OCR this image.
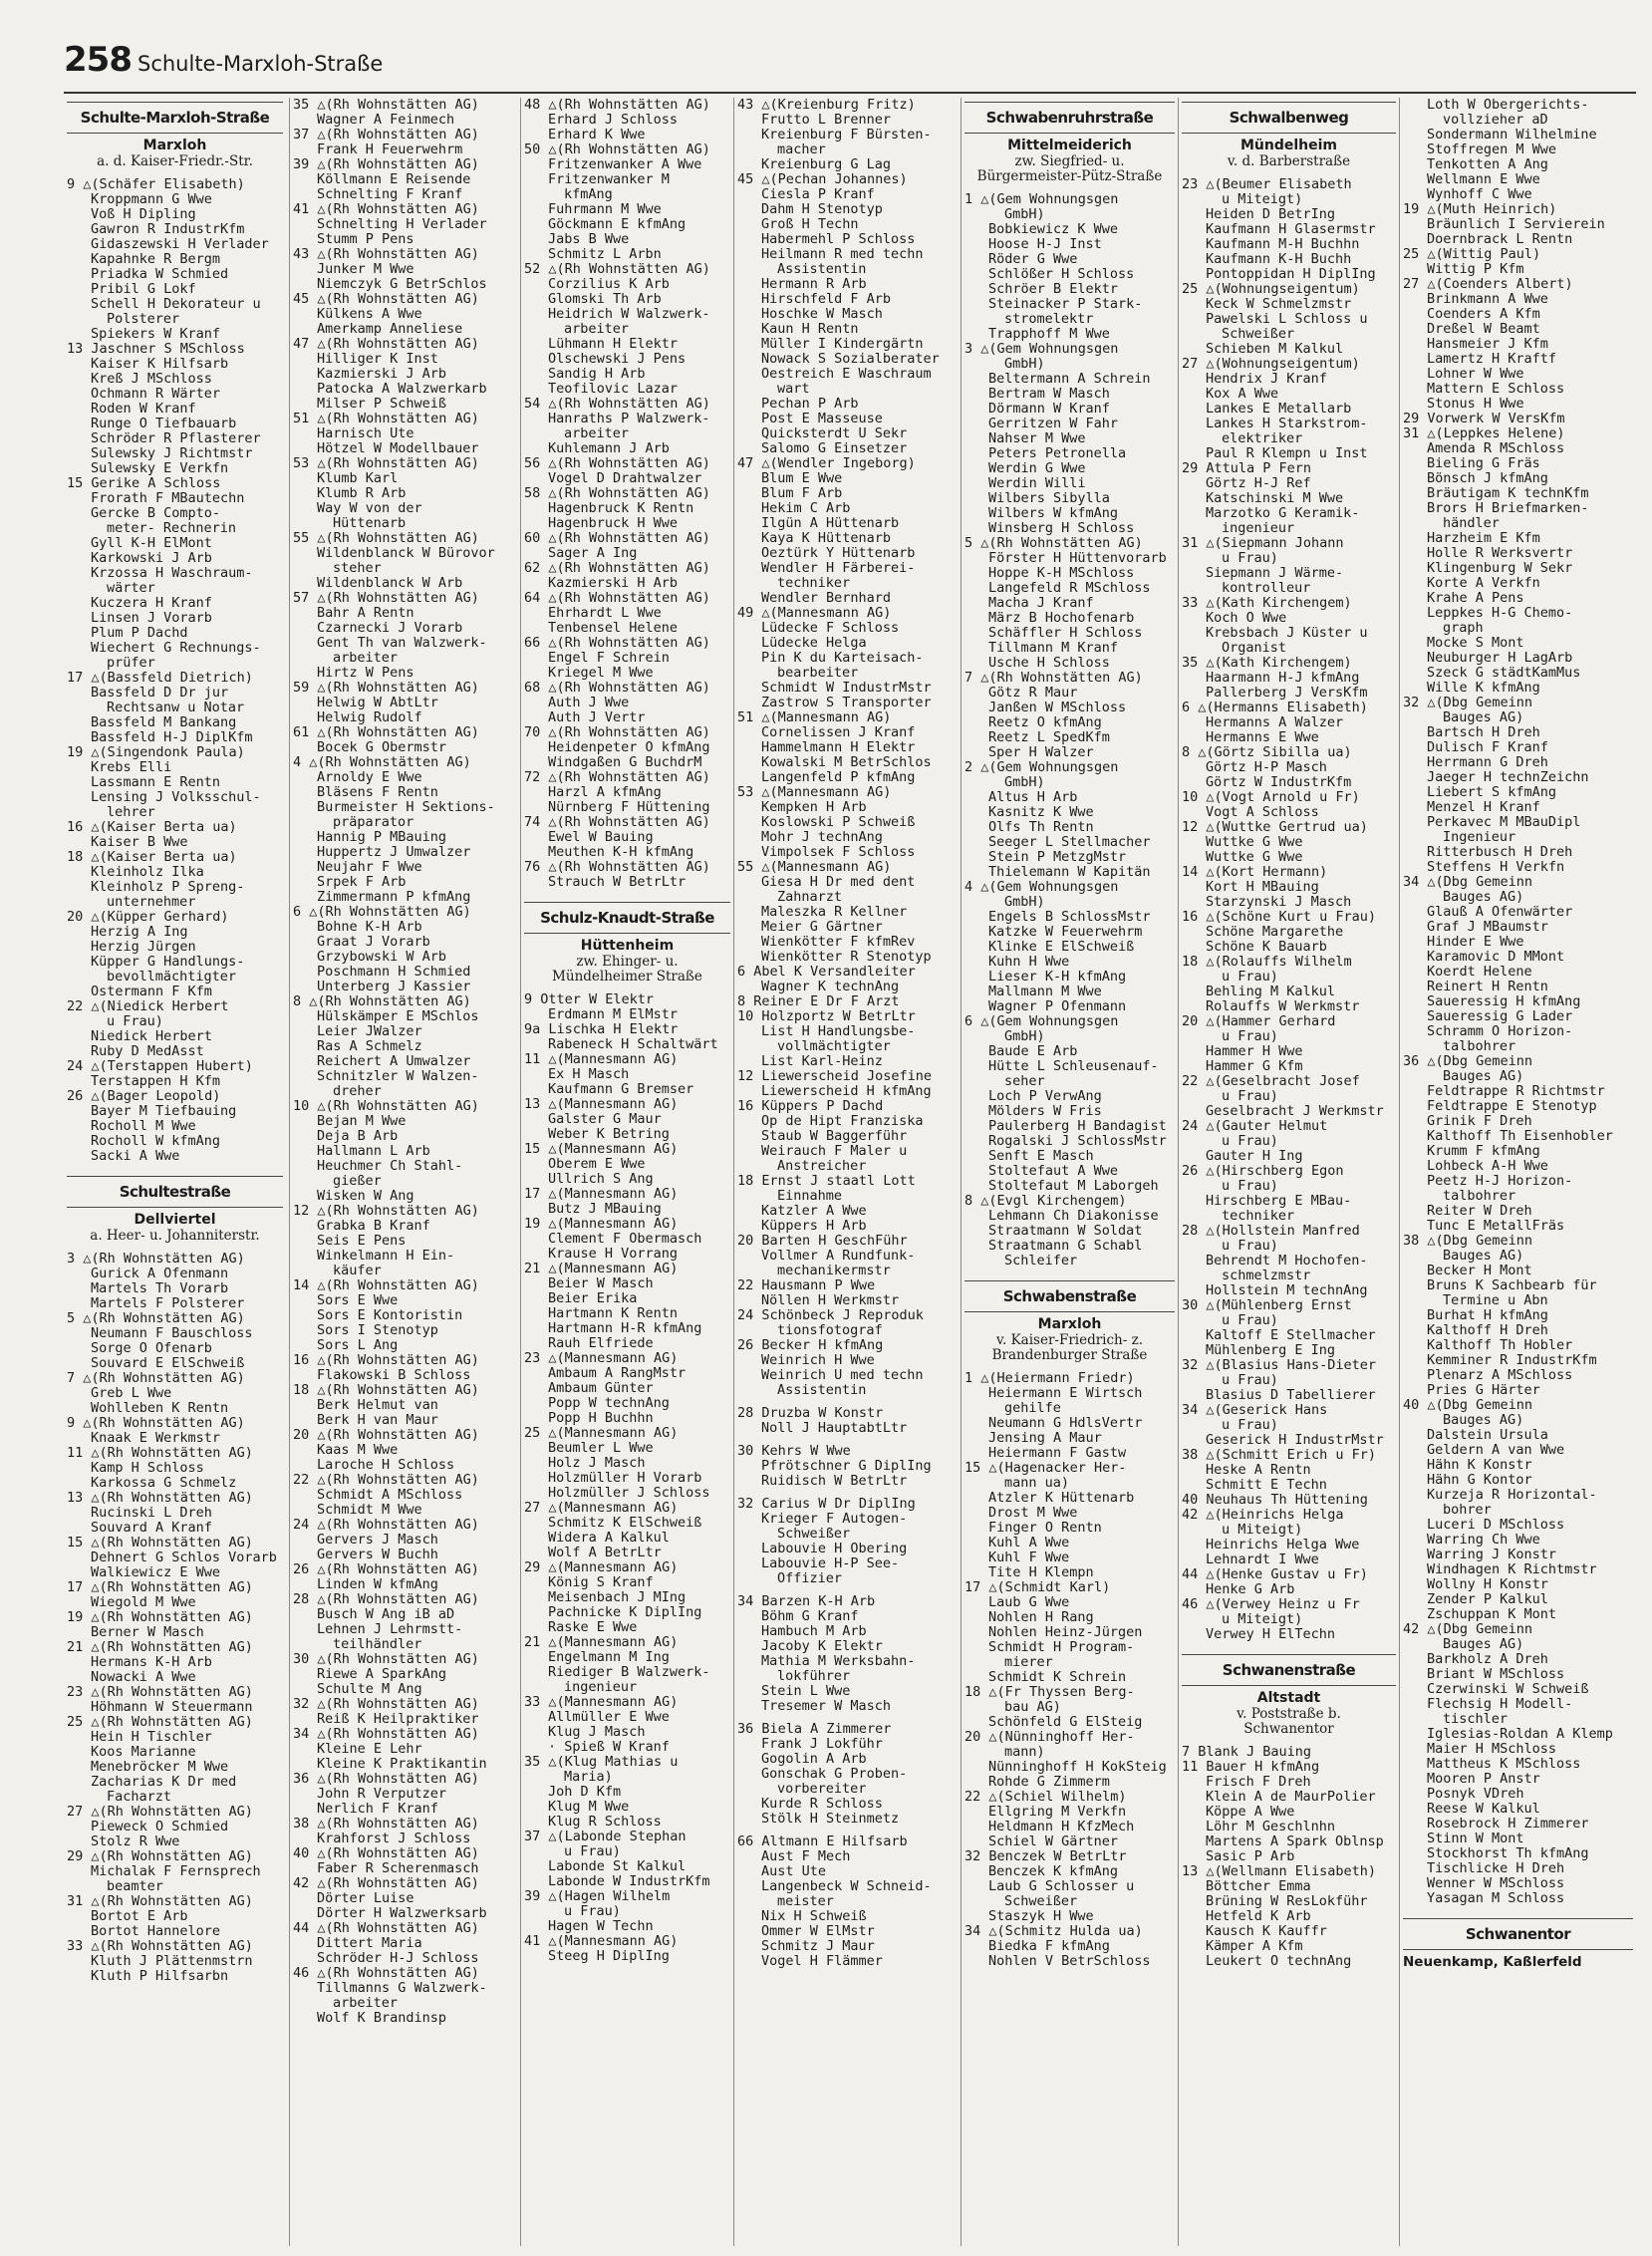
258 Schulte-Marxloh-Straße
Schulte-Marxloh-Straße
Marxloh
a. d. Kaiser-Friedr.-Str.
9 △(Schäfer Elisabeth)
Kroppmann G Wwe
Voß H Dipling
Gawron R IndustrKfm
Gidaszewski H Verlader
Kapahnke R Bergm
Priadka W Schmied
Pribil G Lokf
Schell H Dekorateur u
Polsterer
Spiekers W Kranf
13 Jaschner S MSchloss
Kaiser K Hilfsarb
Kreß J MSchloss
Ochmann R Wärter
Roden W Kranf
Runge O Tiefbauarb
Schröder R Pflasterer
Sulewsky J Richtmstr
Sulewsky E Verkfn
15 Gerike A Schloss
Frorath F MBautechn
Gercke B Compto-
meter- Rechnerin
Gyll K-H ElMont
Karkowski J Arb
Krzossa H Waschraum-
wärter
Kuczera H Kranf
Linsen J Vorarb
Plum P Dachd
Wiechert G Rechnungs-
prüfer
17 △(Bassfeld Dietrich)
Bassfeld D Dr jur
Rechtsanw u Notar
Bassfeld M Bankang
Bassfeld H-J DiplKfm
19 △(Singendonk Paula)
Krebs Elli
Lassmann E Rentn
Lensing J Volksschul-
lehrer
16 △(Kaiser Berta ua)
Kaiser B Wwe
18 △(Kaiser Berta ua)
Kleinholz Ilka
Kleinholz P Spreng-
unternehmer
20 △(Küpper Gerhard)
Herzig A Ing
Herzig Jürgen
Küpper G Handlungs-
bevollmächtigter
Ostermann F Kfm
22 △(Niedick Herbert
u Frau)
Niedick Herbert
Ruby D MedAsst
24 △(Terstappen Hubert)
Terstappen H Kfm
26 △(Bager Leopold)
Bayer M Tiefbauing
Rocholl M Wwe
Rocholl W kfmAng
Sacki A Wwe
Schultestraße
Dellviertel
a. Heer- u. Johanniterstr.
3 △(Rh Wohnstätten AG)
Gurick A Ofenmann
Martels Th Vorarb
Martels F Polsterer
5 △(Rh Wohnstätten AG)
Neumann F Bauschloss
Sorge O Ofenarb
Souvard E ElSchweiß
7 △(Rh Wohnstätten AG)
Greb L Wwe
Wohlleben K Rentn
9 △(Rh Wohnstätten AG)
Knaak E Werkmstr
11 △(Rh Wohnstätten AG)
Kamp H Schloss
Karkossa G Schmelz
13 △(Rh Wohnstätten AG)
Rucinski L Dreh
Souvard A Kranf
15 △(Rh Wohnstätten AG)
Dehnert G Schlos Vorarb
Walkiewicz E Wwe
17 △(Rh Wohnstätten AG)
Wiegold M Wwe
19 △(Rh Wohnstätten AG)
Berner W Masch
21 △(Rh Wohnstätten AG)
Hermans K-H Arb
Nowacki A Wwe
23 △(Rh Wohnstätten AG)
Höhmann W Steuermann
25 △(Rh Wohnstätten AG)
Hein H Tischler
Koos Marianne
Menebröcker M Wwe
Zacharias K Dr med
Facharzt
27 △(Rh Wohnstätten AG)
Pieweck O Schmied
Stolz R Wwe
29 △(Rh Wohnstätten AG)
Michalak F Fernsprech
beamter
31 △(Rh Wohnstätten AG)
Bortot E Arb
Bortot Hannelore
33 △(Rh Wohnstätten AG)
Kluth J Plättenmstrn
Kluth P Hilfsarbn
35 △(Rh Wohnstätten AG)
Wagner A Feinmech
37 △(Rh Wohnstätten AG)
Frank H Feuerwehrm
39 △(Rh Wohnstätten AG)
Köllmann E Reisende
Schnelting F Kranf
41 △(Rh Wohnstätten AG)
Schnelting H Verlader
Stumm P Pens
43 △(Rh Wohnstätten AG)
Junker M Wwe
Niemczyk G BetrSchlos
45 △(Rh Wohnstätten AG)
Külkens A Wwe
Amerkamp Anneliese
47 △(Rh Wohnstätten AG)
Hilliger K Inst
Kazmierski J Arb
Patocka A Walzwerkarb
Milser P Schweiß
51 △(Rh Wohnstätten AG)
Harnisch Ute
Hötzel W Modellbauer
53 △(Rh Wohnstätten AG)
Klumb Karl
Klumb R Arb
Way W von der
Hüttenarb
55 △(Rh Wohnstätten AG)
Wildenblanck W Bürovor
steher
Wildenblanck W Arb
57 △(Rh Wohnstätten AG)
Bahr A Rentn
Czarnecki J Vorarb
Gent Th van Walzwerk-
arbeiter
Hirtz W Pens
59 △(Rh Wohnstätten AG)
Helwig W AbtLtr
Helwig Rudolf
61 △(Rh Wohnstätten AG)
Bocek G Obermstr
4 △(Rh Wohnstätten AG)
Arnoldy E Wwe
Bläsens F Rentn
Burmeister H Sektions-
präparator
Hannig P MBauing
Huppertz J Umwalzer
Neujahr F Wwe
Srpek F Arb
Zimmermann P kfmAng
6 △(Rh Wohnstätten AG)
Bohne K-H Arb
Graat J Vorarb
Grzybowski W Arb
Poschmann H Schmied
Unterberg J Kassier
8 △(Rh Wohnstätten AG)
Hülskämper E MSchlos
Leier JWalzer
Ras A Schmelz
Reichert A Umwalzer
Schnitzler W Walzen-
dreher
10 △(Rh Wohnstätten AG)
Bejan M Wwe
Deja B Arb
Hallmann L Arb
Heuchmer Ch Stahl-
gießer
Wisken W Ang
12 △(Rh Wohnstätten AG)
Grabka B Kranf
Seis E Pens
Winkelmann H Ein-
käufer
14 △(Rh Wohnstätten AG)
Sors E Wwe
Sors E Kontoristin
Sors I Stenotyp
Sors L Ang
16 △(Rh Wohnstätten AG)
Flakowski B Schloss
18 △(Rh Wohnstätten AG)
Berk Helmut van
Berk H van Maur
20 △(Rh Wohnstätten AG)
Kaas M Wwe
Laroche H Schloss
22 △(Rh Wohnstätten AG)
Schmidt A MSchloss
Schmidt M Wwe
24 △(Rh Wohnstätten AG)
Gervers J Masch
Gervers W Buchh
26 △(Rh Wohnstätten AG)
Linden W kfmAng
28 △(Rh Wohnstätten AG)
Busch W Ang iB aD
Lehnen J Lehrmstt-
teilhändler
30 △(Rh Wohnstätten AG)
Riewe A SparkAng
Schulte M Ang
32 △(Rh Wohnstätten AG)
Reiß K Heilpraktiker
34 △(Rh Wohnstätten AG)
Kleine E Lehr
Kleine K Praktikantin
36 △(Rh Wohnstätten AG)
John R Verputzer
Nerlich F Kranf
38 △(Rh Wohnstätten AG)
Krahforst J Schloss
40 △(Rh Wohnstätten AG)
Faber R Scherenmasch
42 △(Rh Wohnstätten AG)
Dörter Luise
Dörter H Walzwerksarb
44 △(Rh Wohnstätten AG)
Dittert Maria
Schröder H-J Schloss
46 △(Rh Wohnstätten AG)
Tillmanns G Walzwerk-
arbeiter
Wolf K Brandinsp
48 △(Rh Wohnstätten AG)
Erhard J Schloss
Erhard K Wwe
50 △(Rh Wohnstätten AG)
Fritzenwanker A Wwe
Fritzenwanker M
kfmAng
Fuhrmann M Wwe
Göckmann E kfmAng
Jabs B Wwe
Schmitz L Arbn
52 △(Rh Wohnstätten AG)
Corzilius K Arb
Glomski Th Arb
Heidrich W Walzwerk-
arbeiter
Lühmann H Elektr
Olschewski J Pens
Sandig H Arb
Teofilovic Lazar
54 △(Rh Wohnstätten AG)
Hanraths P Walzwerk-
arbeiter
Kuhlemann J Arb
56 △(Rh Wohnstätten AG)
Vogel D Drahtwalzer
58 △(Rh Wohnstätten AG)
Hagenbruck K Rentn
Hagenbruck H Wwe
60 △(Rh Wohnstätten AG)
Sager A Ing
62 △(Rh Wohnstätten AG)
Kazmierski H Arb
64 △(Rh Wohnstätten AG)
Ehrhardt L Wwe
Tenbensel Helene
66 △(Rh Wohnstätten AG)
Engel F Schrein
Kriegel M Wwe
68 △(Rh Wohnstätten AG)
Auth J Wwe
Auth J Vertr
70 △(Rh Wohnstätten AG)
Heidenpeter O kfmAng
Windgaßen G BuchdrM
72 △(Rh Wohnstätten AG)
Harzl A kfmAng
Nürnberg F Hüttening
74 △(Rh Wohnstätten AG)
Ewel W Bauing
Meuthen K-H kfmAng
76 △(Rh Wohnstätten AG)
Strauch W BetrLtr
Schulz-Knaudt-Straße
Hüttenheim
zw. Ehinger- u.
Mündelheimer Straße
9 Otter W Elektr
Erdmann M ElMstr
9a Lischka H Elektr
Rabeneck H Schaltwärt
11 △(Mannesmann AG)
Ex H Masch
Kaufmann G Bremser
13 △(Mannesmann AG)
Galster G Maur
Weber K Betring
15 △(Mannesmann AG)
Oberem E Wwe
Ullrich S Ang
17 △(Mannesmann AG)
Butz J MBauing
19 △(Mannesmann AG)
Clement F Obermasch
Krause H Vorrang
21 △(Mannesmann AG)
Beier W Masch
Beier Erika
Hartmann K Rentn
Hartmann H-R kfmAng
Rauh Elfriede
23 △(Mannesmann AG)
Ambaum A RangMstr
Ambaum Günter
Popp W technAng
Popp H Buchhn
25 △(Mannesmann AG)
Beumler L Wwe
Holz J Masch
Holzmüller H Vorarb
Holzmüller J Schloss
27 △(Mannesmann AG)
Schmitz K ElSchweiß
Widera A Kalkul
Wolf A BetrLtr
29 △(Mannesmann AG)
König S Kranf
Meisenbach J MIng
Pachnicke K DiplIng
Raske E Wwe
21 △(Mannesmann AG)
Engelmann M Ing
Riediger B Walzwerk-
ingenieur
33 △(Mannesmann AG)
Allmüller E Wwe
Klug J Masch
· Spieß W Kranf
35 △(Klug Mathias u
Maria)
Joh D Kfm
Klug M Wwe
Klug R Schloss
37 △(Labonde Stephan
u Frau)
Labonde St Kalkul
Labonde W IndustrKfm
39 △(Hagen Wilhelm
u Frau)
Hagen W Techn
41 △(Mannesmann AG)
Steeg H DiplIng
43 △(Kreienburg Fritz)
Frutto L Brenner
Kreienburg F Bürsten-
macher
Kreienburg G Lag
45 △(Pechan Johannes)
Ciesla P Kranf
Dahm H Stenotyp
Groß H Techn
Habermehl P Schloss
Heilmann R med techn
Assistentin
Hermann R Arb
Hirschfeld F Arb
Hoschke W Masch
Kaun H Rentn
Müller I Kindergärtn
Nowack S Sozialberater
Oestreich E Waschraum
wart
Pechan P Arb
Post E Masseuse
Quicksterdt U Sekr
Salomo G Einsetzer
47 △(Wendler Ingeborg)
Blum E Wwe
Blum F Arb
Hekim C Arb
Ilgün A Hüttenarb
Kaya K Hüttenarb
Oeztürk Y Hüttenarb
Wendler H Färberei-
techniker
Wendler Bernhard
49 △(Mannesmann AG)
Lüdecke F Schloss
Lüdecke Helga
Pin K du Karteisach-
bearbeiter
Schmidt W IndustrMstr
Zastrow S Transporter
51 △(Mannesmann AG)
Cornelissen J Kranf
Hammelmann H Elektr
Kowalski M BetrSchlos
Langenfeld P kfmAng
53 △(Mannesmann AG)
Kempken H Arb
Koslowski P Schweiß
Mohr J technAng
Vimpolsek F Schloss
55 △(Mannesmann AG)
Giesa H Dr med dent
Zahnarzt
Maleszka R Kellner
Meier G Gärtner
Wienkötter F kfmRev
Wienkötter R Stenotyp
6 Abel K Versandleiter
Wagner K technAng
8 Reiner E Dr F Ärzt
10 Holzportz W BetrLtr
List H Handlungsbe-
vollmächtigter
List Karl-Heinz
12 Liewerscheid Josefine
Liewerscheid H kfmAng
16 Küppers P Dachd
Op de Hipt Franziska
Staub W Baggerführ
Weirauch F Maler u
Anstreicher
18 Ernst J staatl Lott
Einnahme
Katzler A Wwe
Küppers H Arb
20 Barten H GeschFühr
Vollmer A Rundfunk-
mechanikermstr
22 Hausmann P Wwe
Nöllen H Werkmstr
24 Schönbeck J Reproduk
tionsfotograf
26 Becker H kfmAng
Weinrich H Wwe
Weinrich U med techn
Assistentin
28 Druzba W Konstr
Noll J HauptabtLtr
30 Kehrs W Wwe
Pfrötschner G DiplIng
Ruidisch W BetrLtr
32 Carius W Dr DiplIng
Krieger F Autogen-
Schweißer
Labouvie H Obering
Labouvie H-P See-
Offizier
34 Barzen K-H Arb
Böhm G Kranf
Hambuch M Arb
Jacoby K Elektr
Mathia M Werksbahn-
lokführer
Stein L Wwe
Tresemer W Masch
36 Biela A Zimmerer
Frank J Lokführ
Gogolin A Arb
Gonschak G Proben-
vorbereiter
Kurde R Schloss
Stölk H Steinmetz
66 Altmann E Hilfsarb
Aust F Mech
Aust Ute
Langenbeck W Schneid-
meister
Nix H Schweiß
Ommer W ElMstr
Schmitz J Maur
Vogel H Flämmer
Schwabenruhrstraße
Mittelmeiderich
zw. Siegfried- u.
Bürgermeister-Pütz-Straße
1 △(Gem Wohnungsgen
GmbH)
Bobkiewicz K Wwe
Hoose H-J Inst
Röder G Wwe
Schlößer H Schloss
Schröer B Elektr
Steinacker P Stark-
stromelektr
Trapphoff M Wwe
3 △(Gem Wohnungsgen
GmbH)
Beltermann A Schrein
Bertram W Masch
Dörmann W Kranf
Gerritzen W Fahr
Nahser M Wwe
Peters Petronella
Werdin G Wwe
Werdin Willi
Wilbers Sibylla
Wilbers W kfmAng
Winsberg H Schloss
5 △(Rh Wohnstätten AG)
Förster H Hüttenvorarb
Hoppe K-H MSchloss
Langefeld R MSchloss
Macha J Kranf
März B Hochofenarb
Schäffler H Schloss
Tillmann M Kranf
Usche H Schloss
7 △(Rh Wohnstätten AG)
Götz R Maur
Janßen W MSchloss
Reetz O kfmAng
Reetz L SpedKfm
Sper H Walzer
2 △(Gem Wohnungsgen
GmbH)
Altus H Arb
Kasnitz K Wwe
Olfs Th Rentn
Seeger L Stellmacher
Stein P MetzgMstr
Thielemann W Kapitän
4 △(Gem Wohnungsgen
GmbH)
Engels B SchlossMstr
Katzke W Feuerwehrm
Klinke E ElSchweiß
Kuhn H Wwe
Lieser K-H kfmAng
Mallmann M Wwe
Wagner P Ofenmann
6 △(Gem Wohnungsgen
GmbH)
Baude E Arb
Hütte L Schleusenauf-
seher
Loch P VerwAng
Mölders W Fris
Paulerberg H Bandagist
Rogalski J SchlossMstr
Senft E Masch
Stoltefaut A Wwe
Stoltefaut M Laborgeh
8 △(Evgl Kirchengem)
Lehmann Ch Diakonisse
Straatmann W Soldat
Straatmann G Schabl
Schleifer
Schwabenstraße
Marxloh
v. Kaiser-Friedrich- z.
Brandenburger Straße
1 △(Heiermann Friedr)
Heiermann E Wirtsch
gehilfe
Neumann G HdlsVertr
Jensing A Maur
Heiermann F Gastw
15 △(Hagenacker Her-
mann ua)
Atzler K Hüttenarb
Drost M Wwe
Finger O Rentn
Kuhl A Wwe
Kuhl F Wwe
Tite H Klempn
17 △(Schmidt Karl)
Laub G Wwe
Nohlen H Rang
Nohlen Heinz-Jürgen
Schmidt H Program-
mierer
Schmidt K Schrein
18 △(Fr Thyssen Berg-
bau AG)
Schönfeld G ElSteig
20 △(Nünninghoff Her-
mann)
Nünninghoff H KokSteig
Rohde G Zimmerm
22 △(Schiel Wilhelm)
Ellgring M Verkfn
Heldmann H KfzMech
Schiel W Gärtner
32 Benczek W BetrLtr
Benczek K kfmAng
Laub G Schlosser u
Schweißer
Staszyk H Wwe
34 △(Schmitz Hulda ua)
Biedka F kfmAng
Nohlen V BetrSchloss
Schwalbenweg
Mündelheim
v. d. Barberstraße
23 △(Beumer Elisabeth
u Miteigt)
Heiden D BetrIng
Kaufmann H Glasermstr
Kaufmann M-H Buchhn
Kaufmann K-H Buchh
Pontoppidan H DiplIng
25 △(Wohnungseigentum)
Keck W Schmelzmstr
Pawelski L Schloss u
Schweißer
Schieben M Kalkul
27 △(Wohnungseigentum)
Hendrix J Kranf
Kox A Wwe
Lankes E Metallarb
Lankes H Starkstrom-
elektriker
Paul R Klempn u Inst
29 Attula P Fern
Görtz H-J Ref
Katschinski M Wwe
Marzotko G Keramik-
ingenieur
31 △(Siepmann Johann
u Frau)
Siepmann J Wärme-
kontrolleur
33 △(Kath Kirchengem)
Koch O Wwe
Krebsbach J Küster u
Organist
35 △(Kath Kirchengem)
Haarmann H-J kfmAng
Pallerberg J VersKfm
6 △(Hermanns Elisabeth)
Hermanns A Walzer
Hermanns E Wwe
8 △(Görtz Sibilla ua)
Görtz H-P Masch
Görtz W IndustrKfm
10 △(Vogt Arnold u Fr)
Vogt A Schloss
12 △(Wuttke Gertrud ua)
Wuttke G Wwe
Wuttke G Wwe
14 △(Kort Hermann)
Kort H MBauing
Starzynski J Masch
16 △(Schöne Kurt u Frau)
Schöne Margarethe
Schöne K Bauarb
18 △(Rolauffs Wilhelm
u Frau)
Behling M Kalkul
Rolauffs W Werkmstr
20 △(Hammer Gerhard
u Frau)
Hammer H Wwe
Hammer G Kfm
22 △(Geselbracht Josef
u Frau)
Geselbracht J Werkmstr
24 △(Gauter Helmut
u Frau)
Gauter H Ing
26 △(Hirschberg Egon
u Frau)
Hirschberg E MBau-
techniker
28 △(Hollstein Manfred
u Frau)
Behrendt M Hochofen-
schmelzmstr
Hollstein M technAng
30 △(Mühlenberg Ernst
u Frau)
Kaltoff E Stellmacher
Mühlenberg E Ing
32 △(Blasius Hans-Dieter
u Frau)
Blasius D Tabellierer
34 △(Geserick Hans
u Frau)
Geserick H IndustrMstr
38 △(Schmitt Erich u Fr)
Heske A Rentn
Schmitt E Techn
40 Neuhaus Th Hüttening
42 △(Heinrichs Helga
u Miteigt)
Heinrichs Helga Wwe
Lehnardt I Wwe
44 △(Henke Gustav u Fr)
Henke G Arb
46 △(Verwey Heinz u Fr
u Miteigt)
Verwey H ElTechn
Schwanenstraße
Altstadt
v. Poststraße b.
Schwanentor
7 Blank J Bauing
11 Bauer H kfmAng
Frisch F Dreh
Klein A de MaurPolier
Köppe A Wwe
Löhr M Geschlnhn
Martens A Spark Oblnsp
Sasic P Arb
13 △(Wellmann Elisabeth)
Böttcher Emma
Brüning W ResLokführ
Hetfeld K Arb
Kausch K Kauffr
Kämper A Kfm
Leukert O technAng
Loth W Obergerichts-
vollzieher aD
Sondermann Wilhelmine
Stoffregen M Wwe
Tenkotten A Ang
Wellmann E Wwe
Wynhoff C Wwe
19 △(Muth Heinrich)
Bräunlich I Servierein
Doernbrack L Rentn
25 △(Wittig Paul)
Wittig P Kfm
27 △(Coenders Albert)
Brinkmann A Wwe
Coenders A Kfm
Dreßel W Beamt
Hansmeier J Kfm
Lamertz H Kraftf
Lohner W Wwe
Mattern E Schloss
Stonus H Wwe
29 Vorwerk W VersKfm
31 △(Leppkes Helene)
Amenda R MSchloss
Bieling G Fräs
Bönsch J kfmAng
Bräutigam K technKfm
Brors H Briefmarken-
händler
Harzheim E Kfm
Holle R Werksvertr
Klingenburg W Sekr
Korte A Verkfn
Krahe A Pens
Leppkes H-G Chemo-
graph
Mocke S Mont
Neuburger H LagArb
Szeck G städtKamMus
Wille K kfmAng
32 △(Dbg Gemeinn
Bauges AG)
Bartsch H Dreh
Dulisch F Kranf
Herrmann G Dreh
Jaeger H technZeichn
Liebert S kfmAng
Menzel H Kranf
Perkavec M MBauDipl
Ingenieur
Ritterbusch H Dreh
Steffens H Verkfn
34 △(Dbg Gemeinn
Bauges AG)
Glauß A Ofenwärter
Graf J MBaumstr
Hinder E Wwe
Karamovic D MMont
Koerdt Helene
Reinert H Rentn
Saueressig H kfmAng
Saueressig G Lader
Schramm O Horizon-
talbohrer
36 △(Dbg Gemeinn
Bauges AG)
Feldtrappe R Richtmstr
Feldtrappe E Stenotyp
Grinik F Dreh
Kalthoff Th Eisenhobler
Krumm F kfmAng
Lohbeck A-H Wwe
Peetz H-J Horizon-
talbohrer
Reiter W Dreh
Tunc E MetallFräs
38 △(Dbg Gemeinn
Bauges AG)
Becker H Mont
Bruns K Sachbearb für
Termine u Abn
Burhat H kfmAng
Kalthoff H Dreh
Kalthoff Th Hobler
Kemminer R IndustrKfm
Plenarz A MSchloss
Pries G Härter
40 △(Dbg Gemeinn
Bauges AG)
Dalstein Ursula
Geldern A van Wwe
Hähn K Konstr
Hähn G Kontor
Kurzeja R Horizontal-
bohrer
Luceri D MSchloss
Warring Ch Wwe
Warring J Konstr
Windhagen K Richtmstr
Wollny H Konstr
Zender P Kalkul
Zschuppan K Mont
42 △(Dbg Gemeinn
Bauges AG)
Barkholz A Dreh
Briant W MSchloss
Czerwinski W Schweiß
Flechsig H Modell-
tischler
Iglesias-Roldan A Klemp
Maier H MSchloss
Mattheus K MSchloss
Mooren P Anstr
Posnyk VDreh
Reese W Kalkul
Rosebrock H Zimmerer
Stinn W Mont
Stockhorst Th kfmAng
Tischlicke H Dreh
Wenner W MSchloss
Yasagan M Schloss
Schwanentor
Neuenkamp, Kaßlerfeld
